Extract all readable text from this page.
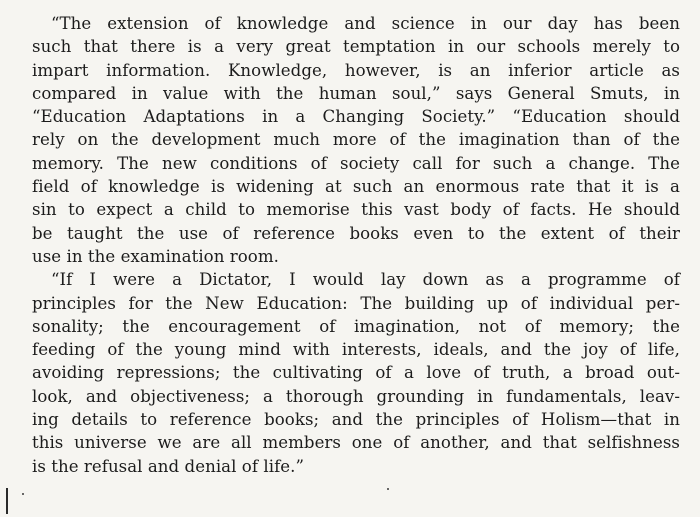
“The extension of knowledge and science in our day has been
such that there is a very great temptation in our schools merely to
impart information. Knowledge, however, is an inferior article as
compared in value with the human soul,” says General Smuts, in
“Education Adaptations in a Changing Society.” “Education should
rely on the development much more of the imagination than of the
memory. The new conditions of society call for such a change. The
field of knowledge is widening at such an enormous rate that it is a
sin to expect a child to memorise this vast body of facts. He should
be taught the use of reference books even to the extent of their
use in the examination room.
“If I were a Dictator, I would lay down as a programme of
principles for the New Education: The building up of individual per-
sonality; the encouragement of imagination, not of memory; the
feeding of the young mind with interests, ideals, and the joy of life,
avoiding repressions; the cultivating of a love of truth, a broad out-
look, and objectiveness; a thorough grounding in fundamentals, leav-
ing details to reference books; and the principles of Holism—that in
this universe we are all members one of another, and that selfishness
is the refusal and denial of life.”
